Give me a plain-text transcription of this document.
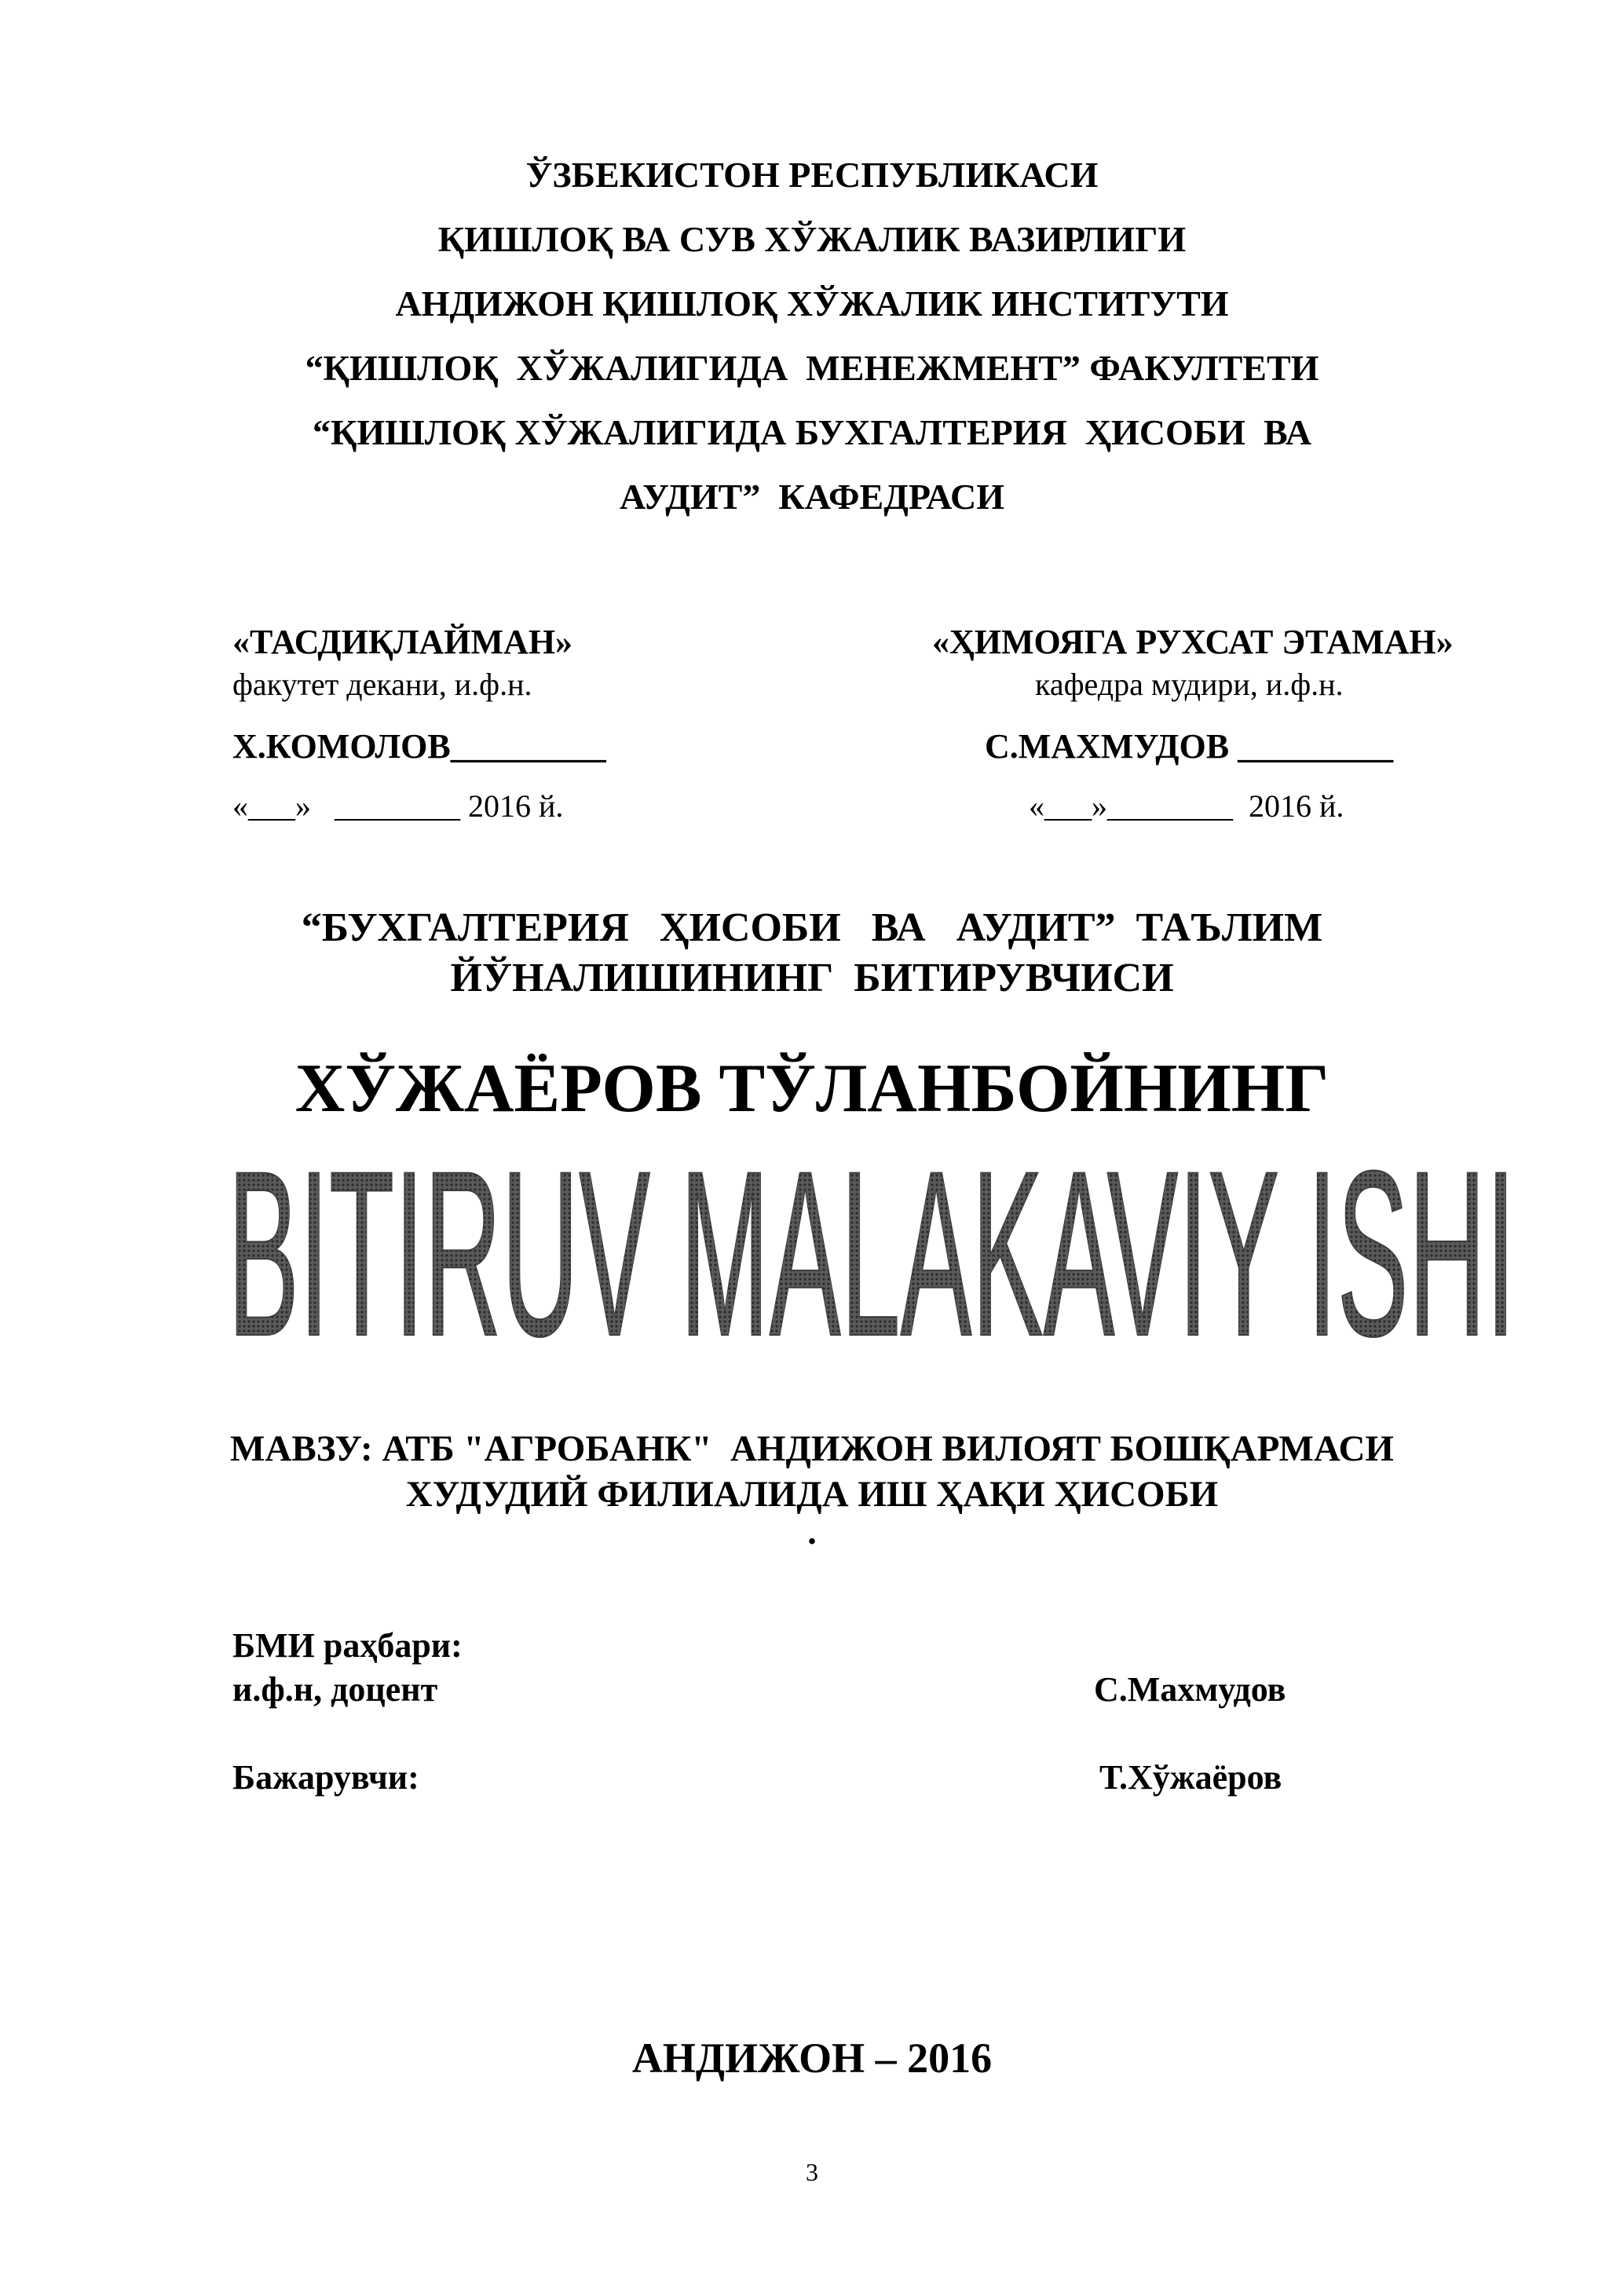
ЎЗБЕКИСТОН РЕСПУБЛИКАСИ
ҚИШЛОҚ ВА СУВ ХЎЖАЛИК ВАЗИРЛИГИ
АНДИЖОН ҚИШЛОҚ ХЎЖАЛИК ИНСТИТУТИ
“ҚИШЛОҚ  ХЎЖАЛИГИДА  МЕНЕЖМЕНТ” ФАКУЛТЕТИ
“ҚИШЛОҚ ХЎЖАЛИГИДА БУХГАЛТЕРИЯ  ҲИСОБИ  ВА
АУДИТ”  КАФЕДРАСИ
«ТАСДИҚЛАЙМАН»
факутет декани, и.ф.н.
Х.КОМОЛОВ_________
«___»   ________ 2016 й.
«ҲИМОЯГА РУХСАТ ЭТАМАН»
кафедра мудири, и.ф.н.
С.МАХМУДОВ _________
«___»________  2016 й.
“БУХГАЛТЕРИЯ   ҲИСОБИ   ВА   АУДИТ”  ТАЪЛИМ
ЙЎНАЛИШИНИНГ  БИТИРУВЧИСИ
ХЎЖАЁРОВ ТЎЛАНБОЙНИНГ
BITIRUV MALAKAVIY ISHI
МАВЗУ: АТБ "АГРОБАНК"  АНДИЖОН ВИЛОЯТ БОШҚАРМАСИ
ХУДУДИЙ ФИЛИАЛИДА ИШ ҲАҚИ ҲИСОБИ
.
БМИ раҳбари:
и.ф.н, доцент	С.Махмудов
Бажарувчи:	Т.Хўжаёров
АНДИЖОН – 2016
3
